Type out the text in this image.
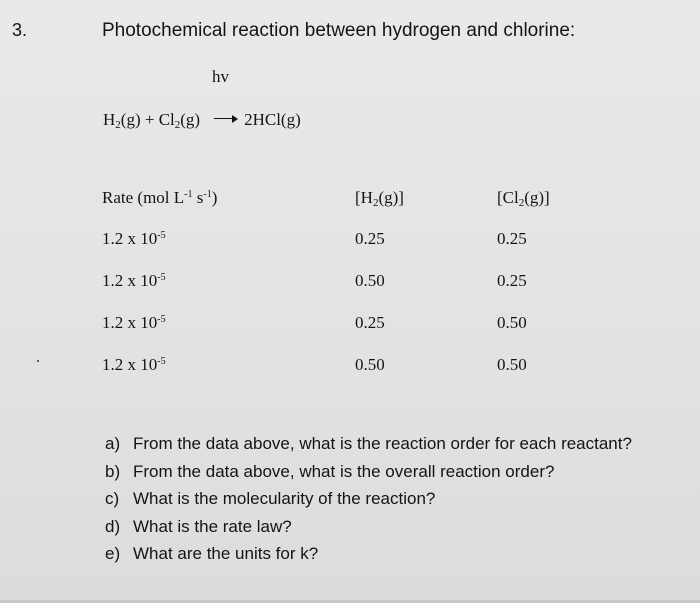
3.	Photochemical reaction between hydrogen and chlorine:
hv
$H_2(g) + Cl_2(g)$	2HCl(g)
Rate (mol $L^{-1}$ $s^{-1}$)	$[H_2(g)]$	$[Cl_2(g)]$
1.2 x $10^{-5}$	0.25	0.25
1.2 x $10^{-5}$	0.50	0.25
1.2 x $10^{-5}$	0.25	0.50
1.2 x $10^{-5}$	0.50	0.50
a) From the data above, what is the reaction order for each reactant?
b) From the data above, what is the overall reaction order?
c) What is the molecularity of the reaction?
d) What is the rate law?
e) What are the units for k?
